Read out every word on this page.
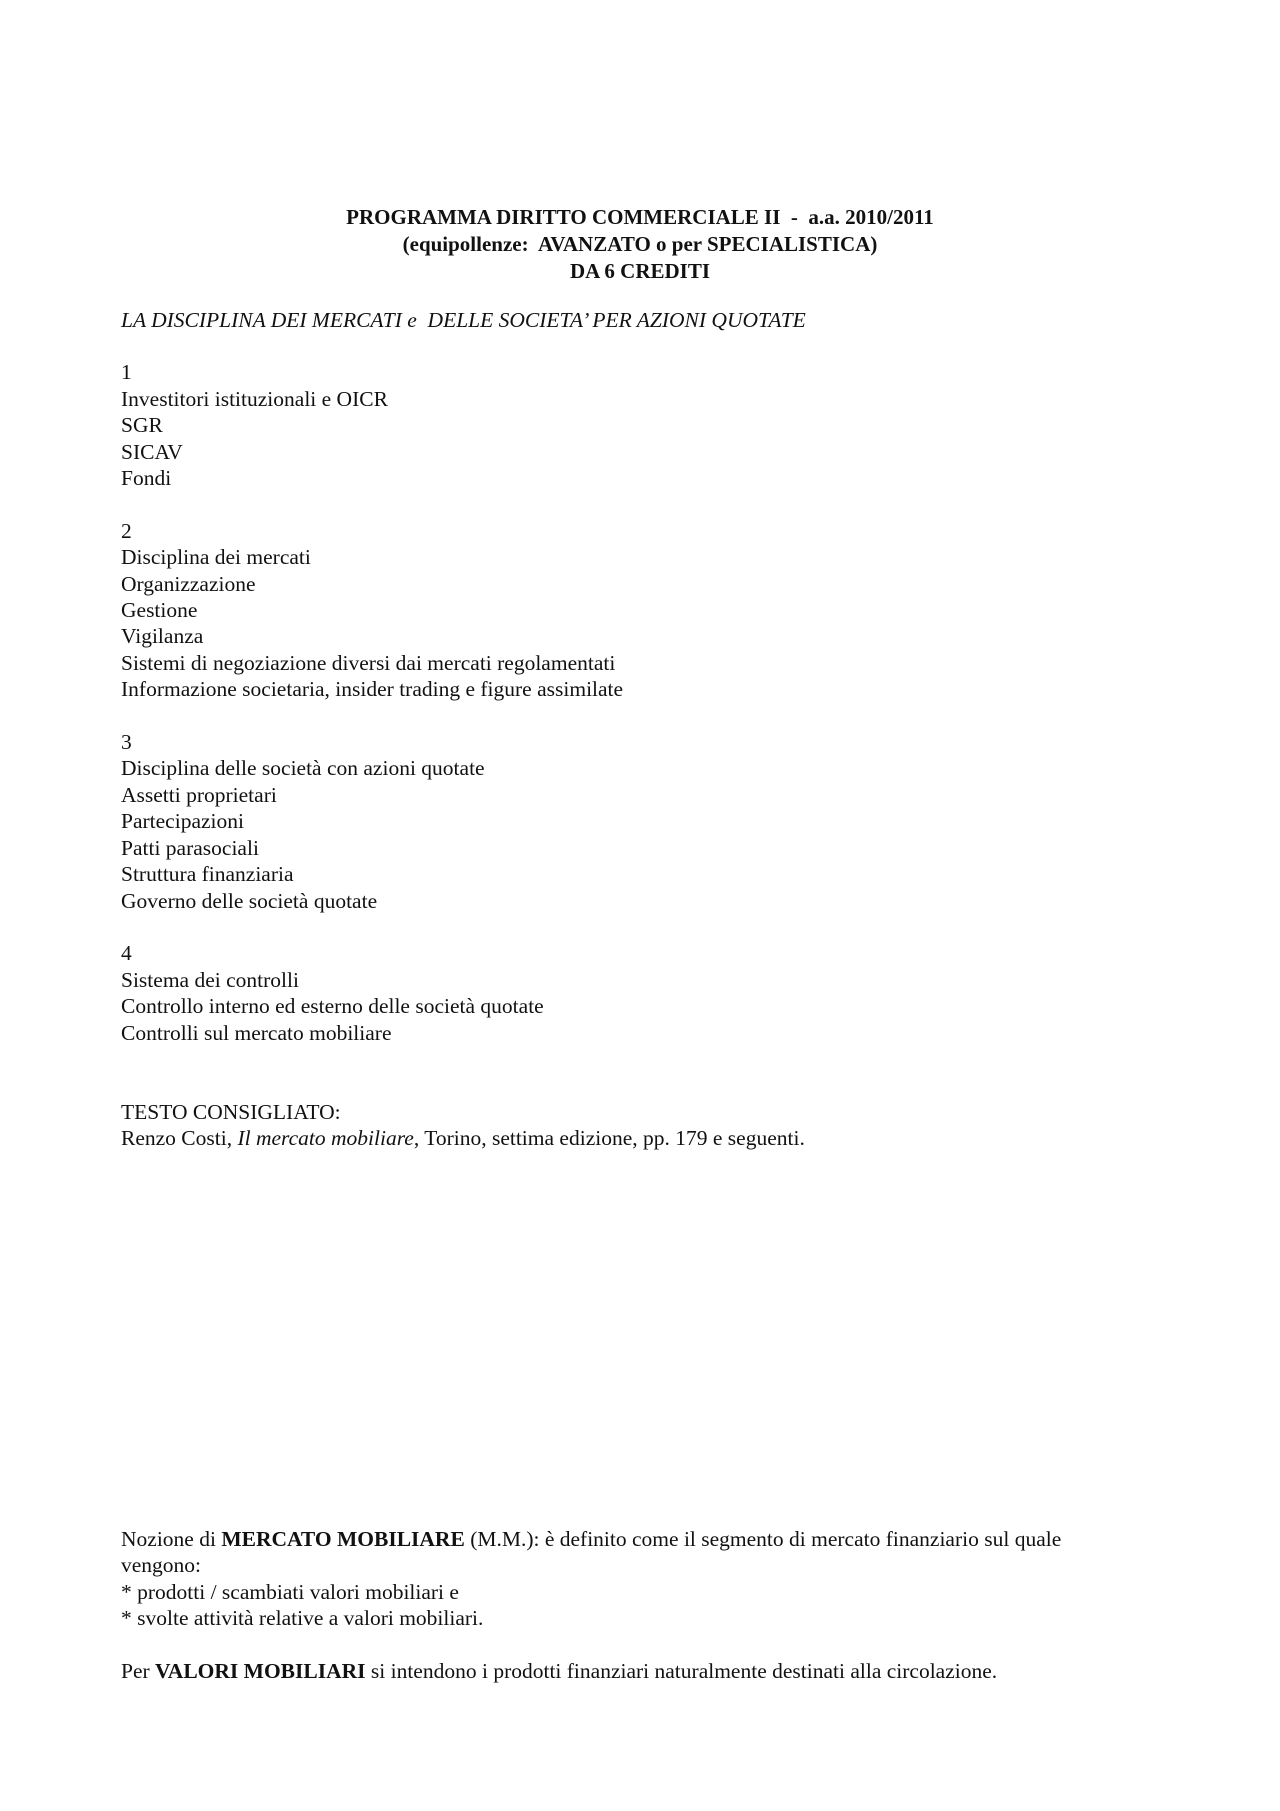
PROGRAMMA DIRITTO COMMERCIALE II  -  a.a. 2010/2011
(equipollenze:  AVANZATO o per SPECIALISTICA)
DA 6 CREDITI
LA DISCIPLINA DEI MERCATI e  DELLE SOCIETA’ PER AZIONI QUOTATE
1
Investitori istituzionali e OICR
SGR
SICAV
Fondi
2
Disciplina dei mercati
Organizzazione
Gestione
Vigilanza
Sistemi di negoziazione diversi dai mercati regolamentati
Informazione societaria, insider trading e figure assimilate
3
Disciplina delle società con azioni quotate
Assetti proprietari
Partecipazioni
Patti parasociali
Struttura finanziaria
Governo delle società quotate
4
Sistema dei controlli
Controllo interno ed esterno delle società quotate
Controlli sul mercato mobiliare
TESTO CONSIGLIATO:
Renzo Costi, Il mercato mobiliare, Torino, settima edizione, pp. 179 e seguenti.

Nozione di MERCATO MOBILIARE (M.M.): è definito come il segmento di mercato finanziario sul quale

vengono:

* prodotti / scambiati valori mobiliari e

* svolte attività relative a valori mobiliari.

Per VALORI MOBILIARI si intendono i prodotti finanziari naturalmente destinati alla circolazione.
